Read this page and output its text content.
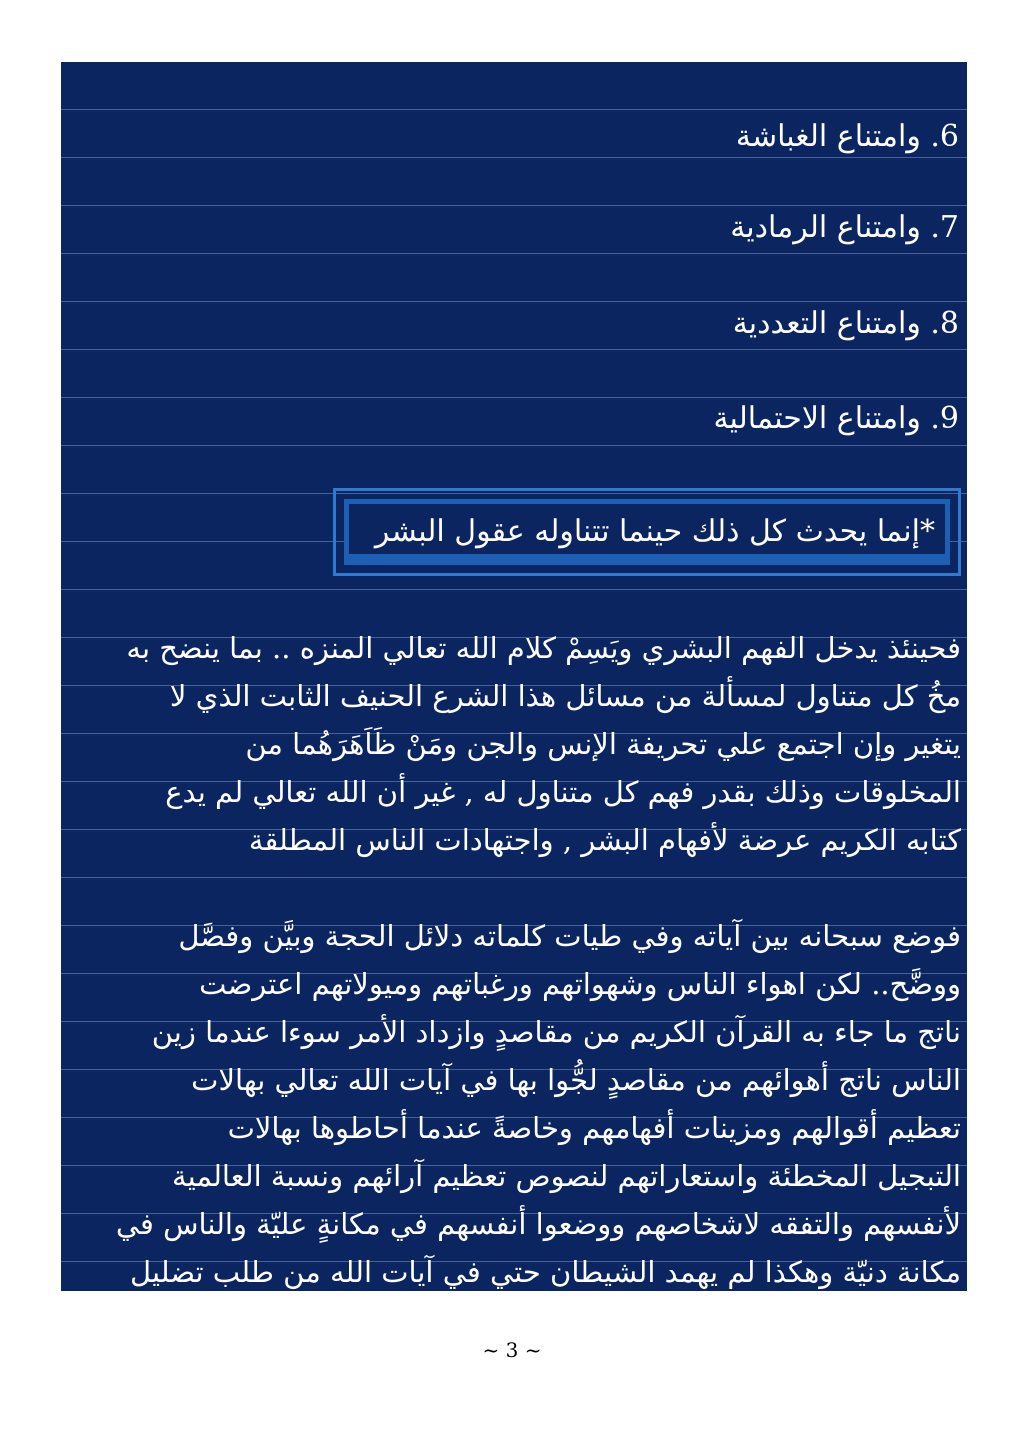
6. وامتناع الغباشة
7. وامتناع الرمادية
8. وامتناع التعددية
9. وامتناع الاحتمالية
*إنما يحدث كل ذلك حينما تتناوله عقول البشر
فحينئذ يدخل الفهم البشري ويَسِمْ كلام الله تعالي المنزه .. بما ينضح به
مخُ كل متناول لمسألة من مسائل هذا الشرع الحنيف الثابت الذي لا
يتغير وإن اجتمع علي تحريفة الإنس والجن ومَنْ ظَاَهَرَهُما من
المخلوقات وذلك بقدر فهم كل متناول له , غير أن الله تعالي لم يدع
كتابه الكريم عرضة لأفهام البشر , واجتهادات الناس المطلقة
فوضع سبحانه بين آياته وفي طيات كلماته دلائل الحجة وبيَّن وفصَّل
ووضَّح.. لكن اهواء الناس وشهواتهم ورغباتهم وميولاتهم اعترضت
ناتج ما جاء به القرآن الكريم من مقاصدٍ وازداد الأمر سوءا عندما زين
الناس ناتج أهوائهم من مقاصدٍ لجُّوا بها في آيات الله تعالي بهالات
تعظيم أقوالهم ومزينات أفهامهم وخاصةً عندما أحاطوها بهالات
التبجيل المخطئة واستعاراتهم لنصوص تعظيم آرائهم ونسبة العالمية
لأنفسهم والتفقه لاشخاصهم ووضعوا أنفسهم في مكانةٍ عليّة والناس في
مكانة دنيّة وهكذا لم يهمد الشيطان حتي في آيات الله من طلب تضليل
~ 3 ~
